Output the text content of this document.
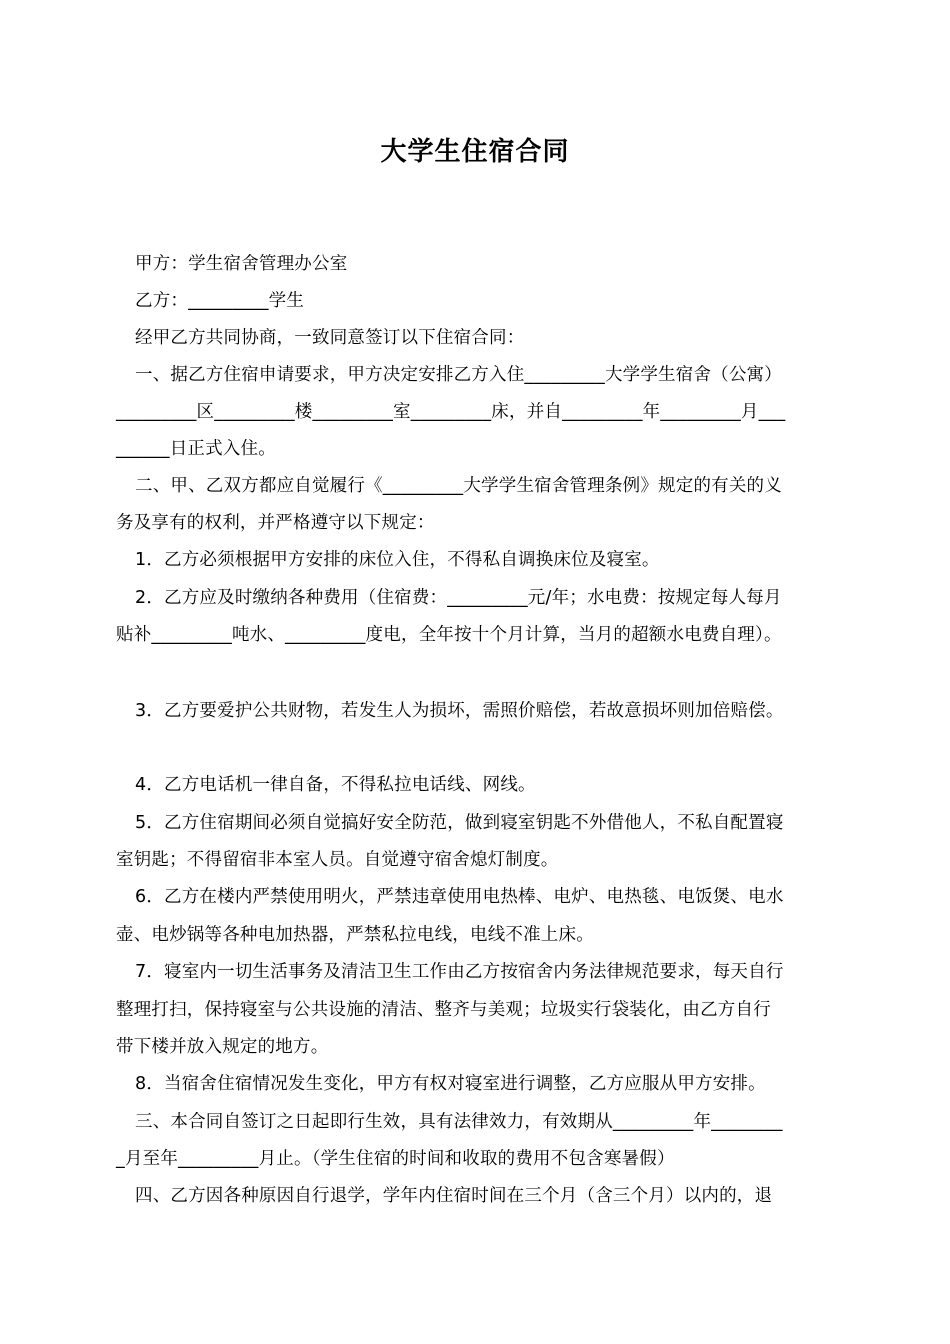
大学生住宿合同
甲方：学生宿舍管理办公室
乙方：_________学生
经甲乙方共同协商，一致同意签订以下住宿合同：
一、据乙方住宿申请要求，甲方决定安排乙方入住_________大学学生宿舍（公寓）
_________区_________楼_________室_________床，并自_________年_________月___
______日正式入住。
二、甲、乙双方都应自觉履行《_________大学学生宿舍管理条例》规定的有关的义
务及享有的权利，并严格遵守以下规定：
1．乙方必须根据甲方安排的床位入住，不得私自调换床位及寝室。
2．乙方应及时缴纳各种费用（住宿费：_________元/年；水电费：按规定每人每月
贴补_________吨水、_________度电，全年按十个月计算，当月的超额水电费自理）。
3．乙方要爱护公共财物，若发生人为损坏，需照价赔偿，若故意损坏则加倍赔偿。
4．乙方电话机一律自备，不得私拉电话线、网线。
5．乙方住宿期间必须自觉搞好安全防范，做到寝室钥匙不外借他人，不私自配置寝
室钥匙；不得留宿非本室人员。自觉遵守宿舍熄灯制度。
6．乙方在楼内严禁使用明火，严禁违章使用电热棒、电炉、电热毯、电饭煲、电水
壶、电炒锅等各种电加热器，严禁私拉电线，电线不准上床。
7．寝室内一切生活事务及清洁卫生工作由乙方按宿舍内务法律规范要求，每天自行
整理打扫，保持寝室与公共设施的清洁、整齐与美观；垃圾实行袋装化，由乙方自行
带下楼并放入规定的地方。
8．当宿舍住宿情况发生变化，甲方有权对寝室进行调整，乙方应服从甲方安排。
三、本合同自签订之日起即行生效，具有法律效力，有效期从_________年________
_月至年_________月止。（学生住宿的时间和收取的费用不包含寒暑假）
四、乙方因各种原因自行退学，学年内住宿时间在三个月（含三个月）以内的，退
